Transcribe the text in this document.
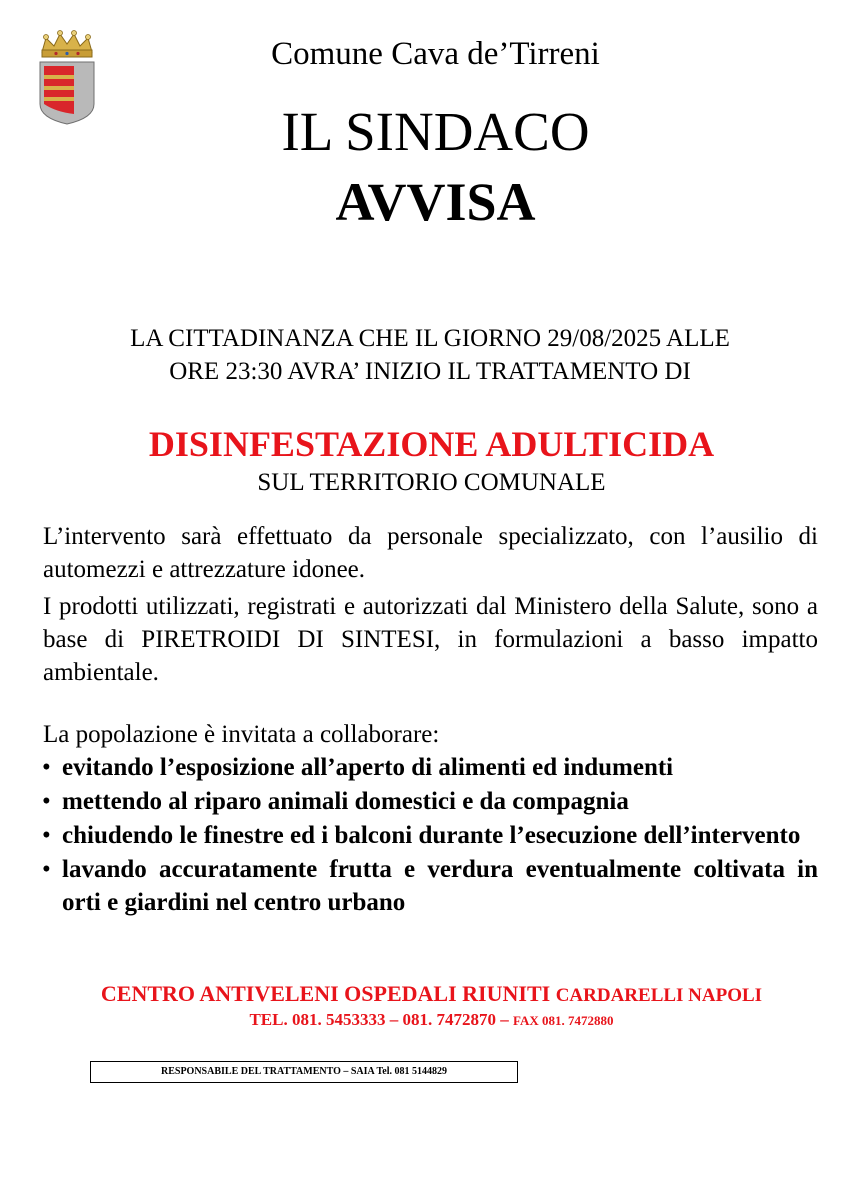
Comune Cava de’Tirreni
IL SINDACO
AVVISA
LA CITTADINANZA CHE IL GIORNO 29/08/2025 ALLE
ORE 23:30 AVRA’ INIZIO IL TRATTAMENTO DI
DISINFESTAZIONE ADULTICIDA
SUL TERRITORIO COMUNALE

L’intervento sarà effettuato da personale specializzato, con l’ausilio di automezzi e attrezzature idonee.

I prodotti utilizzati, registrati e autorizzati dal Ministero della Salute, sono a base di PIRETROIDI DI SINTESI, in formulazioni a basso impatto ambientale.

La popolazione è invitata a collaborare:

• evitando l’esposizione all’aperto di alimenti ed indumenti
• mettendo al riparo animali domestici e da compagnia
• chiudendo le finestre ed i balconi durante l’esecuzione dell’intervento
• lavando accuratamente frutta e verdura eventualmente coltivata in orti e giardini nel centro urbano
CENTRO ANTIVELENI OSPEDALI RIUNITI CARDARELLI NAPOLI
TEL. 081. 5453333 – 081. 7472870 – FAX 081. 7472880
RESPONSABILE DEL TRATTAMENTO – SAIA Tel. 081 5144829
